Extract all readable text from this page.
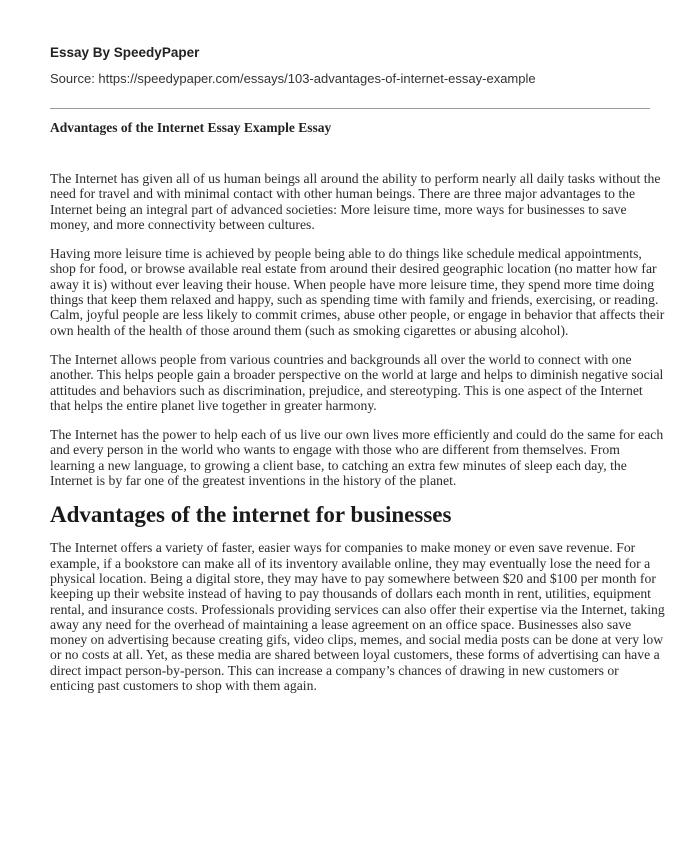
Essay By SpeedyPaper

Source: https://speedypaper.com/essays/103-advantages-of-internet-essay-example

Advantages of the Internet Essay Example Essay

The Internet has given all of us human beings all around the ability to perform nearly all daily tasks without the need for travel and with minimal contact with other human beings. There are three major advantages to the Internet being an integral part of advanced societies: More leisure time, more ways for businesses to save money, and more connectivity between cultures.

Having more leisure time is achieved by people being able to do things like schedule medical appointments, shop for food, or browse available real estate from around their desired geographic location (no matter how far away it is) without ever leaving their house. When people have more leisure time, they spend more time doing things that keep them relaxed and happy, such as spending time with family and friends, exercising, or reading. Calm, joyful people are less likely to commit crimes, abuse other people, or engage in behavior that affects their own health of the health of those around them (such as smoking cigarettes or abusing alcohol).

The Internet allows people from various countries and backgrounds all over the world to connect with one another. This helps people gain a broader perspective on the world at large and helps to diminish negative social attitudes and behaviors such as discrimination, prejudice, and stereotyping. This is one aspect of the Internet that helps the entire planet live together in greater harmony.

The Internet has the power to help each of us live our own lives more efficiently and could do the same for each and every person in the world who wants to engage with those who are different from themselves. From learning a new language, to growing a client base, to catching an extra few minutes of sleep each day, the Internet is by far one of the greatest inventions in the history of the planet.

Advantages of the internet for businesses

The Internet offers a variety of faster, easier ways for companies to make money or even save revenue. For example, if a bookstore can make all of its inventory available online, they may eventually lose the need for a physical location. Being a digital store, they may have to pay somewhere between $20 and $100 per month for keeping up their website instead of having to pay thousands of dollars each month in rent, utilities, equipment rental, and insurance costs. Professionals providing services can also offer their expertise via the Internet, taking away any need for the overhead of maintaining a lease agreement on an office space. Businesses also save money on advertising because creating gifs, video clips, memes, and social media posts can be done at very low or no costs at all. Yet, as these media are shared between loyal customers, these forms of advertising can have a direct impact person-by-person. This can increase a company’s chances of drawing in new customers or enticing past customers to shop with them again.
